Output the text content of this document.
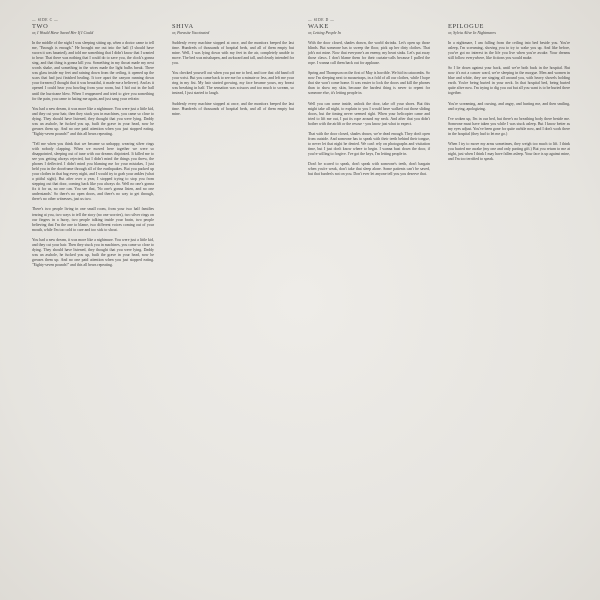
— SIDE C —
TWO
or, I Would Have Saved Her If I Could

In the middle of the night I was sleeping sitting up, when a doctor came to tell me, "Enough is enough." He brought me out into the hall (I should have sworn it was haunted), and told me something that I didn't know that I wanted to hear: That there was nothing that I could do to save you, the clock's gonna sing, and that thing is gonna kill you. Something in my throat made my next words shake, and something in the wires made the light bulbs break. There was glass inside my feet and raining down from the ceiling, it opened up the scars that had just finished healing. It tore apart the canyon running down your forearm (I thought that it was beautiful, it made me a believer). And as it opened I could hear you howling from your room, but I hid out in the hall until the hurricane blew. When I reappeared and tried to give you something for the pain, you came to hating me again, and just sang your refrain:

You had a new dream, it was more like a nightmare. You were just a little kid, and they cut your hair, then they stuck you in machines, you came so close to dying. They should have listened, they thought that you were lying. Daddy was an asshole, he fucked you up, built the grave in your head, now he greases them up. And no one paid attention when you just stopped eating. "Eighty-seven pounds!" and this all bears repeating.

"Tell me when you think that we became so unhappy, wearing silver rings with nobody clapping. When we moved here together we were so disappointed, sleeping out of tune with our dreams disjointed. It killed me to see you getting always rejected, but I didn't mind the things you threw, the phones I deflected. I didn't mind you blaming me for your mistakes, I just held you in the doorframe through all of the earthquakes. But you packed up your clothes in that bag every night, and I would try to grab your ankles (what a pitiful sight). But after over a year, I stopped trying to stop you from stepping out that door, coming back like you always do. Well no one's gonna fix it for us, no one can. You see that, 'No one's gonna listen, and no one understands.' So there's no open doors, and there's no way to get through, there's no other witnesses, just us two.

There's two people living in one small room, from your two half families tearing at you, two ways to tell the story (no one worries), two silver rings on our fingers in a hurry, two people talking inside your brain, two people believing that I'm the one to blame, two different voices coming out of your mouth, while I'm too cold to care and too sick to shout.

You had a new dream, it was more like a nightmare. You were just a little kid, and they cut your hair. Then they stuck you in machines, you came so close to dying. They should have listened, they thought that you were lying. Daddy was an asshole, he fucked you up, built the grave in your head, now he greases them up. And no one paid attention when you just stopped eating. "Eighty-seven pounds!" and this all bears repeating.

SHIVA
or, Parasite Vaccinated

Suddenly every machine stopped at once, and the monitors beeped the last time. Hundreds of thousands of hospital beds, and all of them empty but mine. Well, I was lying down with my feet in the air, completely unable to move. The bed was misshapen, and awkward and tall, and clearly intended for you.

You checked yourself out when you put me to bed, and tore that old band off your wrist. But you came back to see me for a minute or less, and left me your ring in my fist. My hair started growing, my face became yours, my breast was breaking in half. The sensation was scissors and too much to scream, so instead, I just started to laugh.

Suddenly every machine stopped at once, and the monitors beeped the last time. Hundreds of thousands of hospital beds, and all of them empty but mine.

— SIDE D —
WAKE
or, Letting People In

With the door closed, shades drawn, the world shrinks. Let's open up those blinds. But someone has to sweep the floor, pick up her dirty clothes. That job's not mine. Now that everyone's an enemy, my heart sinks. Let's put away those claws. I don't blame them for their curtain-calls because I pulled the rope. I wanna call them back out for applause.

Spring and Thompson on the first of May is horrible. We hid in catacombs. So now I'm sleeping next to mousetraps, in a fold of all our clothes, while I hope that she won't come home. It was easier to lock the doors and kill the phones than to show my skin, because the hardest thing is never to repent for someone else, it's letting people in.

Well you can come inside, unlock the door, take off your shoes. But this might take all night, to explain to you I would have walked out those sliding doors, but the timing never seemed right. When your helicopter came and tried to lift me out, I put its rope around my neck. And after that you didn't bother with the airlift or the rescue - you know just what to expect.

That with the door closed, shades drawn, we're dead enough. They don't open from outside. And someone has to speak with their teeth behind their tongue, to never let that night be denied. We can't rely on photographs and visitation time, but I just don't know where to begin. I wanna bust down the door, if you're willing to forgive. I've got the keys, I'm letting people in.

Don't be scared to speak, don't speak with someone's teeth, don't bargain when you're weak, don't take that sleep alone. Some patients can't be saved, but that burden's not on you. Don't ever let anyone tell you you deserve that.

EPILOGUE
or, Sylvia Alive In Nightmares

In a nightmare, I am falling from the ceiling into bed beside you. You're asleep, I'm screaming, shoving you to try to wake you up. And like before, you've got no interest in the life you live when you're awake. Your dreams still follow everywhere, like fictions you would make.

So I lie down against your back, until we're both back in the hospital. But now it's not a cancer ward, we're sleeping in the morgue. Men and women in blue and white, they are singing all around you, with heavy shovels holding earth. You're being buried in your neck. In that hospital bed, being buried quite alive now. I'm trying to dig you out but all you want is to be buried there together.

You're screaming, and cursing, and angry, and hurting me, and then smiling, and crying, apologizing.

I've woken up, I'm in our bed, but there's no breathing body there beside me. Someone must have taken you while I was stuck asleep. But I know better as my eyes adjust. You've been gone for quite awhile now, and I don't work there in the hospital (they had to let me go.)

When I try to move my arms sometimes, they weigh too much to lift. I think you buried me awake (my one and only parting gift.) But you return to me at night, just when I think I may have fallen asleep. Your face is up against mine, and I'm too terrified to speak.
